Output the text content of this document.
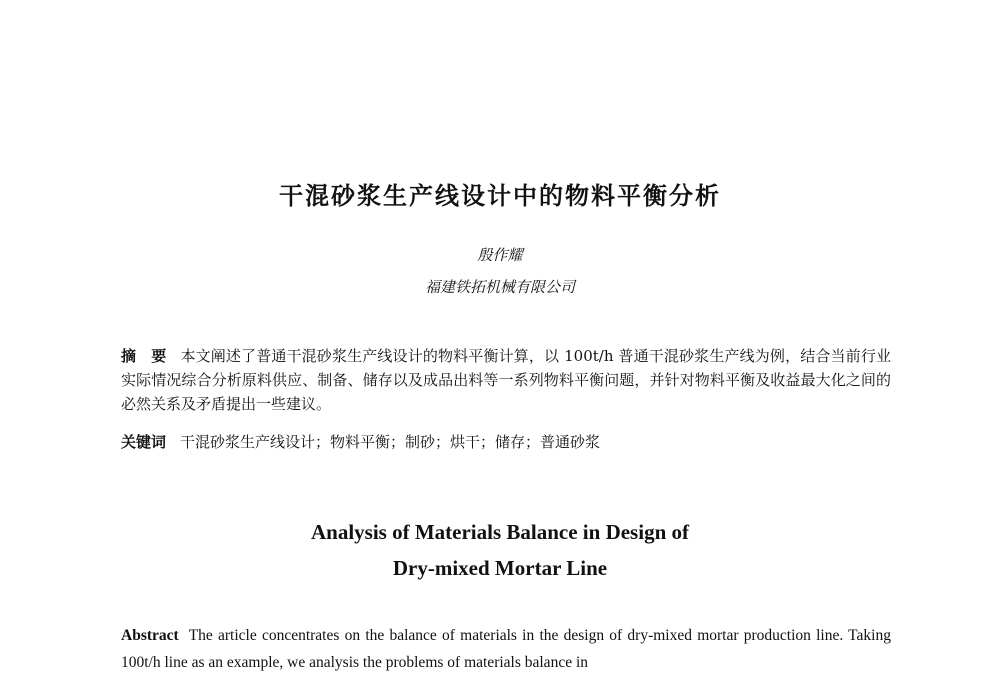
干混砂浆生产线设计中的物料平衡分析
殷作耀
福建铁拓机械有限公司
摘　要 本文阐述了普通干混砂浆生产线设计的物料平衡计算，以 100t/h 普通干混砂浆生产线为例，结合当前行业实际情况综合分析原料供应、制备、储存以及成品出料等一系列物料平衡问题，并针对物料平衡及收益最大化之间的必然关系及矛盾提出一些建议。
关键词 干混砂浆生产线设计；物料平衡；制砂；烘干；储存；普通砂浆
Analysis of Materials Balance in Design of
Dry-mixed Mortar Line
Abstract The article concentrates on the balance of materials in the design of dry-mixed mortar production line. Taking 100t/h line as an example, we analysis the problems of materials balance in
